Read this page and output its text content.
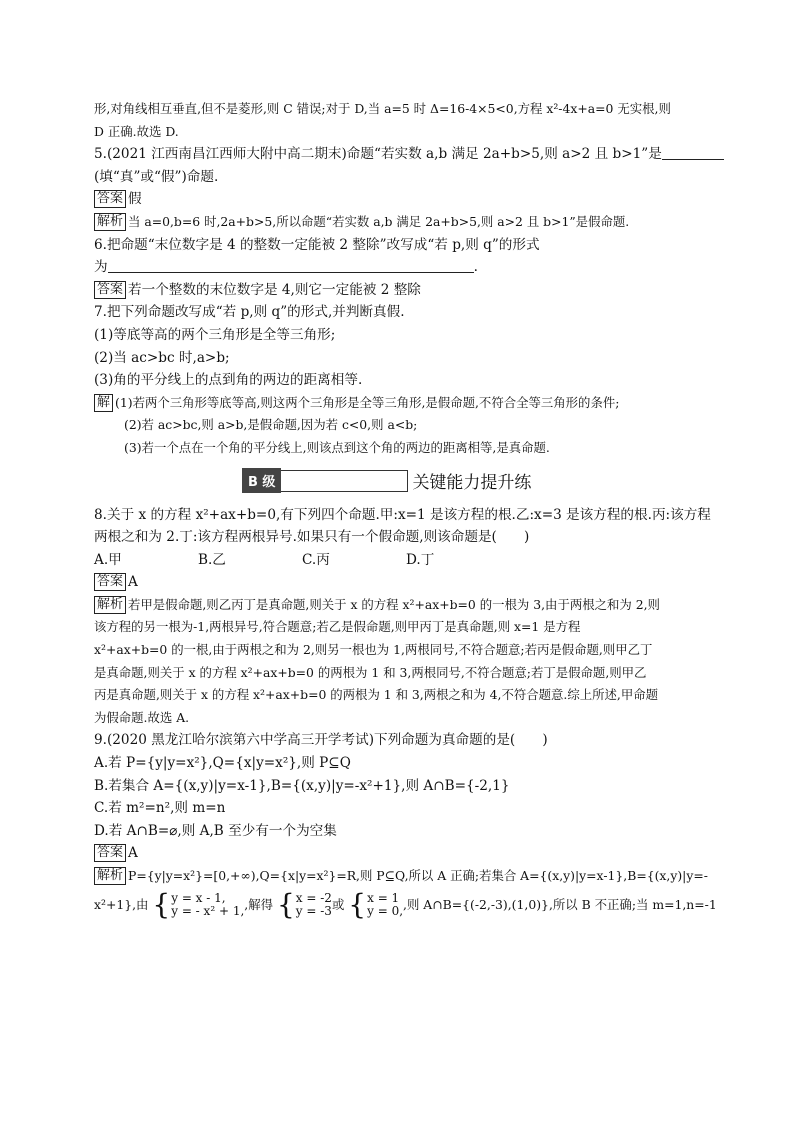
形,对角线相互垂直,但不是菱形,则 C 错误;对于 D,当 a=5 时 Δ=16-4×5<0,方程 x²-4x+a=0 无实根,则
D 正确.故选 D.
5.(2021 江西南昌江西师大附中高二期末)命题“若实数 a,b 满足 2a+b>5,则 a>2 且 b>1”是
(填“真”或“假”)命题.
答案 假
解析 当 a=0,b=6 时,2a+b>5,所以命题“若实数 a,b 满足 2a+b>5,则 a>2 且 b>1”是假命题.
6.把命题“末位数字是 4 的整数一定能被 2 整除”改写成“若 p,则 q”的形式
为	.
答案 若一个整数的末位数字是 4,则它一定能被 2 整除
7.把下列命题改写成“若 p,则 q”的形式,并判断真假.
(1)等底等高的两个三角形是全等三角形;
(2)当 ac>bc 时,a>b;
(3)角的平分线上的点到角的两边的距离相等.
解 (1)若两个三角形等底等高,则这两个三角形是全等三角形,是假命题,不符合全等三角形的条件;
(2)若 ac>bc,则 a>b,是假命题,因为若 c<0,则 a<b;
(3)若一个点在一个角的平分线上,则该点到这个角的两边的距离相等,是真命题.
B 级	关键能力提升练
8.关于 x 的方程 x²+ax+b=0,有下列四个命题.甲:x=1 是该方程的根.乙:x=3 是该方程的根.丙:该方程
两根之和为 2.丁:该方程两根异号.如果只有一个假命题,则该命题是(　　)
A.甲	B.乙	C.丙	D.丁
答案 A
解析 若甲是假命题,则乙丙丁是真命题,则关于 x 的方程 x²+ax+b=0 的一根为 3,由于两根之和为 2,则
该方程的另一根为-1,两根异号,符合题意;若乙是假命题,则甲丙丁是真命题,则 x=1 是方程
x²+ax+b=0 的一根,由于两根之和为 2,则另一根也为 1,两根同号,不符合题意;若丙是假命题,则甲乙丁
是真命题,则关于 x 的方程 x²+ax+b=0 的两根为 1 和 3,两根同号,不符合题意;若丁是假命题,则甲乙
丙是真命题,则关于 x 的方程 x²+ax+b=0 的两根为 1 和 3,两根之和为 4,不符合题意.综上所述,甲命题
为假命题.故选 A.
9.(2020 黑龙江哈尔滨第六中学高三开学考试)下列命题为真命题的是(　　)
A.若 P={y|y=x²},Q={x|y=x²},则 P⊆Q
B.若集合 A={(x,y)|y=x-1},B={(x,y)|y=-x²+1},则 A∩B={-2,1}
C.若 m²=n²,则 m=n
D.若 A∩B=⌀,则 A,B 至少有一个为空集
答案 A
解析 P={y|y=x²}=[0,+∞),Q={x|y=x²}=R,则 P⊆Q,所以 A 正确;若集合 A={(x,y)|y=x-1},B={(x,y)|y=-
x²+1},由 { y = x - 1,
y = - x² + 1, ,解得 { x = -2
y = -3 或 { x = 1
y = 0, ,则 A∩B={(-2,-3),(1,0)},所以 B 不正确;当 m=1,n=-1
